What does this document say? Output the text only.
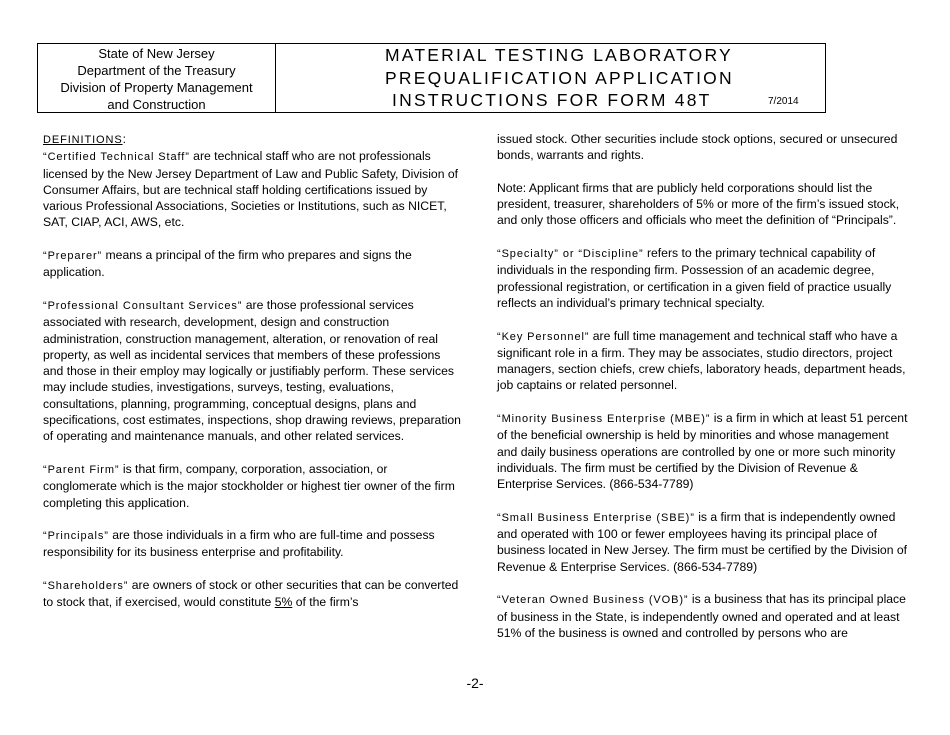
State of New Jersey
Department of the Treasury
Division of Property Management
and Construction
MATERIAL TESTING LABORATORY
PREQUALIFICATION APPLICATION
INSTRUCTIONS FOR FORM 48T	7/2014
DEFINITIONS:

“Certified Technical Staff” are technical staff who are not professionals licensed by the New Jersey Department of Law and Public Safety, Division of Consumer Affairs, but are technical staff holding certifications issued by various Professional Associations, Societies or Institutions, such as NICET, SAT, CIAP, ACI, AWS, etc.

“Preparer” means a principal of the firm who prepares and signs the application.

“Professional Consultant Services” are those professional services associated with research, development, design and construction administration, construction management, alteration, or renovation of real property, as well as incidental services that members of these professions and those in their employ may logically or justifiably perform. These services may include studies, investigations, surveys, testing, evaluations, consultations, planning, programming, conceptual designs, plans and specifications, cost estimates, inspections, shop drawing reviews, preparation of operating and maintenance manuals, and other related services.

“Parent Firm” is that firm, company, corporation, association, or conglomerate which is the major stockholder or highest tier owner of the firm completing this application.

“Principals” are those individuals in a firm who are full-time and possess responsibility for its business enterprise and profitability.

“Shareholders” are owners of stock or other securities that can be converted to stock that, if exercised, would constitute 5% of the firm’s

issued stock. Other securities include stock options, secured or unsecured bonds, warrants and rights.

Note: Applicant firms that are publicly held corporations should list the president, treasurer, shareholders of 5% or more of the firm’s issued stock, and only those officers and officials who meet the definition of “Principals”.

“Specialty” or “Discipline” refers to the primary technical capability of individuals in the responding firm. Possession of an academic degree, professional registration, or certification in a given field of practice usually reflects an individual’s primary technical specialty.

“Key Personnel” are full time management and technical staff who have a significant role in a firm. They may be associates, studio directors, project managers, section chiefs, crew chiefs, laboratory heads, department heads, job captains or related personnel.

“Minority Business Enterprise (MBE)” is a firm in which at least 51 percent of the beneficial ownership is held by minorities and whose management and daily business operations are controlled by one or more such minority individuals. The firm must be certified by the Division of Revenue & Enterprise Services. (866-534-7789)

“Small Business Enterprise (SBE)” is a firm that is independently owned and operated with 100 or fewer employees having its principal place of business located in New Jersey. The firm must be certified by the Division of Revenue & Enterprise Services. (866-534-7789)

“Veteran Owned Business (VOB)” is a business that has its principal place of business in the State, is independently owned and operated and at least 51% of the business is owned and controlled by persons who are

-2-
